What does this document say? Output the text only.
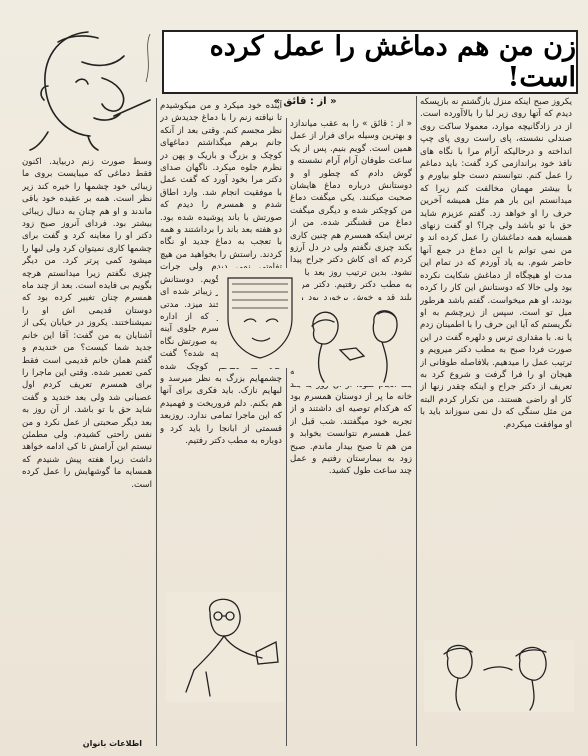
زن من هم دماغش را عمل کرده است!
« از : قائق »	یکروز صبح اینکه منزل بازگشتم نه بازپسکه دیدم که آتها روی زیر لبا را بالاآورده است. از در زادگانیچه موارد، معمولا ساکت روی صندلی نشسته، پای راست روی پای چپ انداخته و درحالیکه آرام مرا با نگاه های نافذ خود براندازمی کرد گفت: باید دماغم را عمل کنم. نتوانستم دست جلو بیاورم و با بیشتر مهمان مخالفت کنم زیرا که میدانستم این بار هم مثل همیشه آخرین حرف را او خواهد زد. گفتم عزیزم شاید حق با تو باشد ولی چرا؟ او گفت زنهای همسایه همه دماغشان را عمل کرده اند و من نمی توانم با این دماغ در جمع آنها حاضر شوم. به یاد آوردم که در تمام این مدت او هیچگاه از دماغش شکایت نکرده بود ولی حالا که دوستانش این کار را کرده بودند، او هم میخواست. گفتم باشد هرطور میل تو است. سپس از زیرچشم به او نگریستم که آیا این حرف را با اطمینان زدم یا نه. با مقداری ترس و دلهره گفت در این صورت فردا صبح به مطب دکتر میرویم و ترتیب عمل را میدهیم. بلافاصله طوفانی از هیجان او را فرا گرفت و شروع کرد به تعریف از دکتر جراح و اینکه چقدر زنها از کار او راضی هستند. من تکرار کردم البته من مثل سنگی که دل نمی سوزاند باید با او موافقت میکردم.
« از : قائق » را به عقب میاندازد و بهترین وسیله برای فرار از عمل همین است. گویم بنیم. پس از یک ساعت طوفان آرام آرام نشسته و گوش دادم که چطور او و دوستانش درباره دماغ هایشان صحبت میکنند. یکی میگفت دماغ من کوچکتر شده و دیگری میگفت دماغ من قشنگتر شده. من از ترس اینکه همسرم هم چنین کاری بکند چیزی نگفتم ولی در دل آرزو کردم که ای کاش دکتر جراح پیدا نشود. بدین ترتیب روز بعد با هم به مطب دکتر رفتیم. دکتر مردی بلند قد و خوش برخورد بود و با دقت دماغ همسرم را معاینه کرد. گفت این دماغ هیچ عیبی ندارد و خیلی هم قشنگ است ولی اگر مایل باشید میتوانیم آن را کمی کوچکتر کنیم. همسرم با اشتیاق قبول کرد و قرار شد عمل هفته بعد انجام شود. از آن روز به بعد خانه ما پر از دوستان همسرم بود که هرکدام توصیه ای داشتند و از تجربه خود میگفتند. شب قبل از عمل همسرم نتوانست بخوابد و من هم تا صبح بیدار ماندم. صبح زود به بیمارستان رفتیم و عمل چند ساعت طول کشید.
آینده خود میکرد و من میکوشیدم تا نیافته زنم را با دماغ جدیدش در نظر مجسم کنم. وقتی بعد از آنکه جانم برهم میگذاشتم دماغهای کوچک و بزرگ و باریک و پهن در نظرم جلوه میکرد. ناگهان صدای دکتر مرا بخود آورد که گفت عمل با موفقیت انجام شد. وارد اطاق شدم و همسرم را دیدم که صورتش با باند پوشیده شده بود. دو هفته بعد باند را برداشتند و همه با تعجب به دماغ جدید او نگاه کردند. راستش را بخواهید من هیچ تفاوتی نمی دیدم ولی جرات نکردم این را بگویم. دوستانش همه میگفتند چقدر زیباتر شده ای و او با غرور لبخند میزد. مدتی گذشت و یکروز که از اداره برگشتم دیدم همسرم جلوی آینه ایستاده و با دقت به صورتش نگاه میکند. پرسیدم چه شده؟ گفت حالا که دماغم کوچک شده چشمهایم بزرگ به نظر میرسد و لبهایم نازک. باید فکری برای آنها هم بکنم. دلم فروریخت و فهمیدم که این ماجرا تمامی ندارد. روزبعد قسمتی از ابانجا را باید کرد و دوباره به مطب دکتر رفتیم.
وسط صورت زنم دربیاید. اکنون فقط دماغی که میبایست بروی ما زیبائی خود چشمها را خیره کند زیر نظر است. همه بر عقیده خود باقی ماندند و او هم چنان به دنبال زیبائی بیشتر بود. فردای آنروز صبح زود دکتر او را معاینه کرد و گفت برای چشمها کاری نمیتوان کرد ولی لبها را میشود کمی پرتر کرد. من دیگر چیزی نگفتم زیرا میدانستم هرچه بگویم بی فایده است. بعد از چند ماه همسرم چنان تغییر کرده بود که دوستان قدیمی اش او را نمیشناختند. یکروز در خیابان یکی از آشنایان به من گفت: آقا این خانم جدید شما کیست؟ من خندیدم و گفتم همان خانم قدیمی است فقط کمی تعمیر شده. وقتی این ماجرا را برای همسرم تعریف کردم اول عصبانی شد ولی بعد خندید و گفت شاید حق با تو باشد. از آن روز به بعد دیگر صحبتی از عمل نکرد و من نفس راحتی کشیدم. ولی مطمئن نیستم این آرامش تا کی ادامه خواهد داشت زیرا هفته پیش شنیدم که همسایه ما گوشهایش را عمل کرده است.
اطلاعات بانوان
